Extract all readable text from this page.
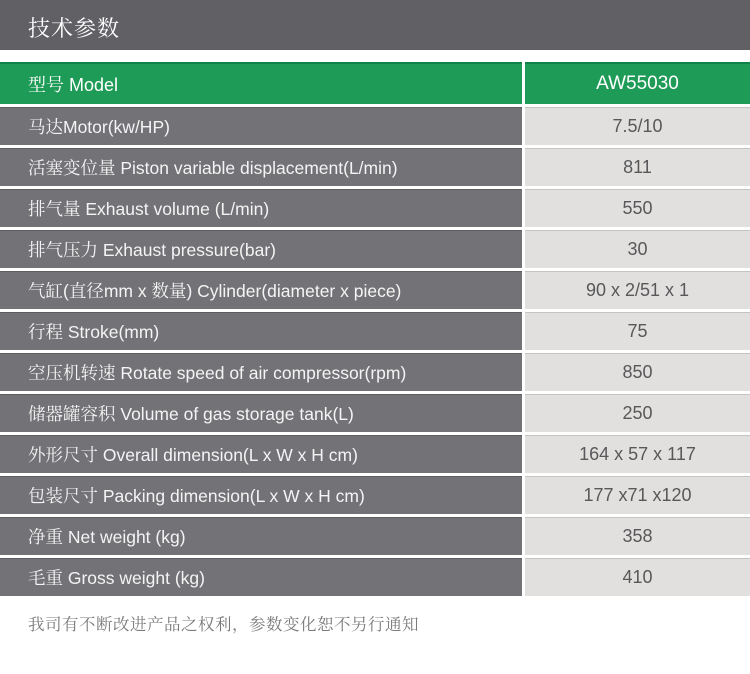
技术参数
型号 Model	AW55030
马达Motor(kw/HP)	7.5/10
活塞变位量 Piston variable displacement(L/min)	811
排气量 Exhaust volume (L/min)	550
排气压力 Exhaust pressure(bar)	30
气缸(直径mm x 数量) Cylinder(diameter x piece)	90 x 2/51 x 1
行程 Stroke(mm)	75
空压机转速 Rotate speed of air compressor(rpm)	850
储器罐容积 Volume of gas storage tank(L)	250
外形尺寸 Overall dimension(L x W x H cm)	164 x 57 x 117
包装尺寸 Packing dimension(L x W x H cm)	177 x71 x120
净重 Net weight (kg)	358
毛重 Gross weight (kg)	410

我司有不断改进产品之权利，参数变化恕不另行通知
